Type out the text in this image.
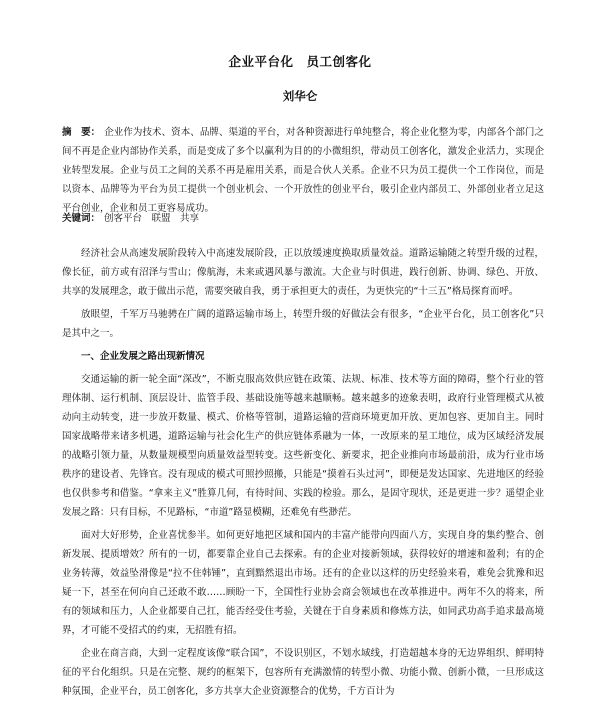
企业平台化　员工创客化
刘华仑

摘　要： 企业作为技术、资本、品牌、渠道的平台，对各种资源进行单纯整合，将企业化整为零，内部各个部门之间不再是企业内部协作关系，而是变成了多个以赢利为目的的小微组织，带动员工创客化，激发企业活力，实现企业转型发展。企业与员工之间的关系不再是雇用关系，而是合伙人关系。企业不只为员工提供一个工作岗位，而是以资本、品牌等为平台为员工提供一个创业机会、一个开放性的创业平台，吸引企业内部员工、外部创业者立足这平台创业，企业和员工更容易成功。

关键词： 创客平台　联盟　共享

经济社会从高速发展阶段转入中高速发展阶段，正以放缓速度换取质量效益。道路运输随之转型升级的过程，像长征，前方或有沼泽与雪山；像航海，未来或遇风暴与激流。大企业与时俱进，践行创新、协调、绿色、开放、共享的发展理念，敢于做出示范，需要突破自我，勇于承担更大的责任，为更快完的“十三五”格局探育而呼。

放眼望，千军万马驰骋在广阔的道路运输市场上，转型升级的好做法会有很多，“企业平台化，员工创客化”只是其中之一。

一、企业发展之路出现新情况

交通运输的新一轮全面“深改”，不断克服高效供应链在政策、法规、标准、技术等方面的障碍，整个行业的管理体制、运行机制、顶层设计、监管手段、基础设施等越来越顺畅。越来越多的迹象表明，政府行业管理模式从被动向主动转变，进一步放开数量、模式、价格等管制，道路运输的营商环境更加开放、更加包容、更加自主。同时国家战略带来诸多机遇，道路运输与社会化生产的供应链体系融为一体，一改原来的星工地位，成为区域经济发展的战略引领力量，从数量规模型向质量效益型转变。这些新变化、新要求，把企业推向市场最前沿，成为行业市场秩序的建设者、先锋官。没有现成的模式可照抄照搬，只能是“摸着石头过河”，即便是发达国家、先进地区的经验也仅供参考和借鉴。“拿来主义”胜算几何，有待时间、实践的检验。那么，是固守现状，还是更进一步？遥望企业发展之路：只有目标，不见路标，“市道”路显模糊，还难免有些渺茫。

面对大好形势，企业喜忧参半。如何更好地把区域和国内的丰富产能带向四面八方，实现自身的集约整合、创新发展、提质增效？所有的一切，都要靠企业自己去探索。有的企业对接新领域，获得较好的增速和盈利；有的企业务转薄，效益坠滑像是“拉不住韩锤”，直到黯然退出市场。还有的企业以这样的历史经验来看，难免会犹豫和迟疑一下，甚至在何向自己还敢不敢……顾盼一下，全国性行业协会商会领域也在改革推进中。两年不久的将来，所有的领域和压力，人企业都要自己扛，能否经受住考验，关键在于自身素质和修炼方法，如同武功高手追求最高境界，才可能不受招式的约束，无招胜有招。

企业在商言商，大到一定程度该像“联合国”，不设识别区，不划水域线，打造超越本身的无边界组织、鲜明特征的平台化组织。只是在完整、规约的框架下，包容所有充满激情的转型小微、功能小微、创新小微，一旦形成这种氛围，企业平台，员工创客化，多方共享大企业资源整合的优势，千方百计为
